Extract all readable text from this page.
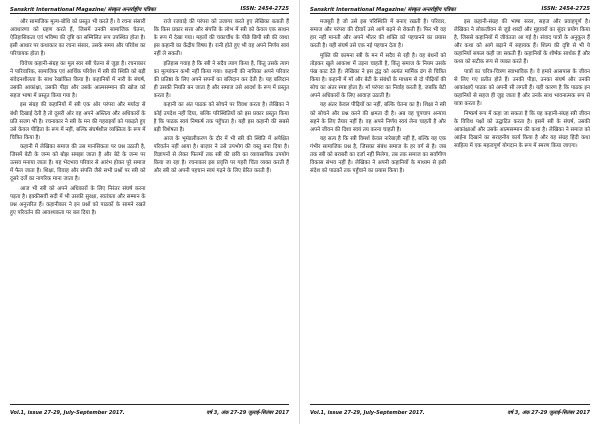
Sanskrit International Magazine/ संस्कृत अन्तर्राष्ट्रीय पत्रिका	ISSN: 2454-2725

और सामाजिक मूल्य-बोधि को प्रस्तुत भी करते हैं। वे रचना संसारी अवधारणा को ग्रहण करते हैं, जिसमें उनकी सामाजिक चेतना, ऐतिहासिकता एवं भविष्य की दृष्टि का सम्मिलित रूप उपस्थित होता है। इसी आधार पर कथाकार का रचना संसार, उसके समय और परिवेश का परिचायक होता है।

विवेच्य कहानी-संग्रह का मूल स्वर स्त्री चेतना से जुड़ा है। रचनाकार ने पारिवारिक, सामाजिक एवं आर्थिक परिवेश में स्त्री की स्थिति को बड़ी संवेदनशीलता के साथ रेखांकित किया है। कहानियों में नारी के संघर्ष, उसकी आकांक्षा, उसकी पीड़ा और उसके आत्मसम्मान की खोज को सहज भाषा में प्रस्तुत किया गया है।

इस संग्रह की कहानियों में स्त्री एक ओर परंपरा और मर्यादा से बंधी दिखाई देती है तो दूसरी ओर वह अपने अस्तित्व और अधिकारों के प्रति सजग भी है। रचनाकार ने स्त्री के मन की गहराइयों को पकड़ते हुए उसे केवल पीड़िता के रूप में नहीं, बल्कि संघर्षशील व्यक्तित्व के रूप में चित्रित किया है।

कहानी में लेखिका समाज की उस मानसिकता पर प्रश्न उठाती है, जिसमें बेटी के जन्म को बोझ समझा जाता है और बेटे के जन्म पर उत्सव मनाया जाता है। यह भेदभाव परिवार से आरंभ होकर पूरे समाज में फैल जाता है। शिक्षा, विवाह और संपत्ति जैसे सभी प्रश्नों पर स्त्री को दूसरे दर्जे का नागरिक माना जाता है।

आज भी स्त्री को अपने अधिकारों के लिए निरंतर संघर्ष करना पड़ता है। इक्कीसवीं सदी में भी उसकी सुरक्षा, स्वतंत्रता और सम्मान के प्रश्न अनुत्तरित हैं। कहानीकार ने इन प्रश्नों को पाठकों के सामने रखते हुए परिवर्तन की आवश्यकता पर बल दिया है।

राजे रजवाड़े की परंपरा को उजागर करते हुए लेखिका बताती हैं कि किस प्रकार सत्ता और संपत्ति के लोभ में स्त्री को केवल एक साधन के रूप में देखा गया। महलों की चकाचौंध के पीछे छिपी स्त्री की व्यथा इस कहानी का केंद्रीय विषय है। रानी होते हुए भी वह अपने निर्णय स्वयं नहीं ले सकती।

इतिहास गवाह है कि स्त्री ने सदैव त्याग किया है, किंतु उसके त्याग का मूल्यांकन कभी नहीं किया गया। कहानी की नायिका अपने परिवार की प्रतिष्ठा के लिए अपने सपनों का बलिदान कर देती है। यह बलिदान ही उसकी नियति बन जाता है और समाज उसे आदर्श के रूप में प्रस्तुत करता है।

कहानी का अंत पाठक को सोचने पर विवश करता है। लेखिका ने कोई उपदेश नहीं दिया, बल्कि परिस्थितियों को इस प्रकार प्रस्तुत किया है कि पाठक स्वयं निष्कर्ष तक पहुँचता है। यही इस कहानी की सबसे बड़ी विशेषता है।

आज के भूमंडलीकरण के दौर में भी स्त्री की स्थिति में अपेक्षित परिवर्तन नहीं आया है। बाज़ार ने उसे उपभोग की वस्तु बना दिया है। विज्ञापनों से लेकर फिल्मों तक स्त्री की छवि का व्यावसायिक उपयोग किया जा रहा है। रचनाकार इस प्रवृत्ति पर गहरी चिंता व्यक्त करती हैं और स्त्री को अपनी पहचान स्वयं गढ़ने के लिए प्रेरित करती हैं।

Vol.1, issue 27-29, July-September 2017.	वर्ष 3, अंक 27-29 जुलाई-सितंबर 2017
Sanskrit International Magazine/ संस्कृत अन्तर्राष्ट्रीय पत्रिका	ISSN: 2454-2725

मजबूरी है जो उसे इस परिस्थिति में बनाए रखती है। परिवार, समाज और परंपरा की दीवारें उसे आगे बढ़ने से रोकती हैं। फिर भी वह हार नहीं मानती और अपने भीतर की शक्ति को पहचानने का प्रयास करती है। यही संघर्ष उसे एक नई पहचान देता है।

मुक्ति की कामना स्त्री के मन में सदैव से रही है। वह बंधनों को तोड़कर खुले आकाश में उड़ना चाहती है, किंतु समाज के नियम उसके पंख काट देते हैं। लेखिका ने इस द्वंद्व को अत्यंत मार्मिक ढंग से चित्रित किया है। कहानी में माँ और बेटी के संबंधों के माध्यम से दो पीढ़ियों की सोच का अंतर स्पष्ट होता है। माँ परंपरा का निर्वाह करती है, जबकि बेटी अपने अधिकारों के लिए आवाज़ उठाती है।

यह अंतर केवल पीढ़ियों का नहीं, बल्कि चेतना का है। शिक्षा ने स्त्री को सोचने और प्रश्न करने की क्षमता दी है। अब वह चुपचाप अन्याय सहने के लिए तैयार नहीं है। वह अपने निर्णय स्वयं लेना चाहती है और अपने जीवन की दिशा स्वयं तय करना चाहती है।

यह सत्य है कि स्त्री विमर्श केवल नारेबाज़ी नहीं है, बल्कि यह एक गंभीर सामाजिक प्रश्न है, जिसका संबंध समाज के हर वर्ग से है। जब तक स्त्री को बराबरी का दर्जा नहीं मिलेगा, तब तक समाज का सर्वांगीण विकास संभव नहीं है। लेखिका ने अपनी कहानियों के माध्यम से इसी संदेश को पाठकों तक पहुँचाने का प्रयास किया है।

इस कहानी-संग्रह की भाषा सरल, सहज और प्रवाहपूर्ण है। लेखिका ने लोकजीवन से जुड़े शब्दों और मुहावरों का सुंदर प्रयोग किया है, जिससे कहानियों में जीवंतता आ गई है। संवाद पात्रों के अनुकूल हैं और कथा को आगे बढ़ाने में सहायक हैं। शिल्प की दृष्टि से भी ये कहानियाँ सफल कही जा सकती हैं। कहानियों के शीर्षक सार्थक हैं और कथ्य को सटीक रूप से व्यक्त करते हैं।

पात्रों का चरित्र-चित्रण स्वाभाविक है। वे हमारे आसपास के जीवन से लिए गए प्रतीत होते हैं। उनकी पीड़ा, उनका संघर्ष और उनकी आकांक्षाएँ पाठक को अपनी सी लगती हैं। यही कारण है कि पाठक इन कहानियों से सहज ही जुड़ जाता है और उनके साथ भावनात्मक रूप से यात्रा करता है।

निष्कर्ष रूप में कहा जा सकता है कि यह कहानी-संग्रह स्त्री जीवन के विविध पक्षों को उद्घाटित करता है। इसमें स्त्री के संघर्ष, उसकी आकांक्षाओं और उसके आत्मसम्मान की कथा है। लेखिका ने समाज को आईना दिखाने का सराहनीय कार्य किया है और यह संग्रह हिंदी कथा साहित्य में एक महत्वपूर्ण योगदान के रूप में स्मरण किया जाएगा।

Vol.1, issue 27-29, July-September 2017.	वर्ष 3, अंक 27-29 जुलाई-सितंबर 2017
